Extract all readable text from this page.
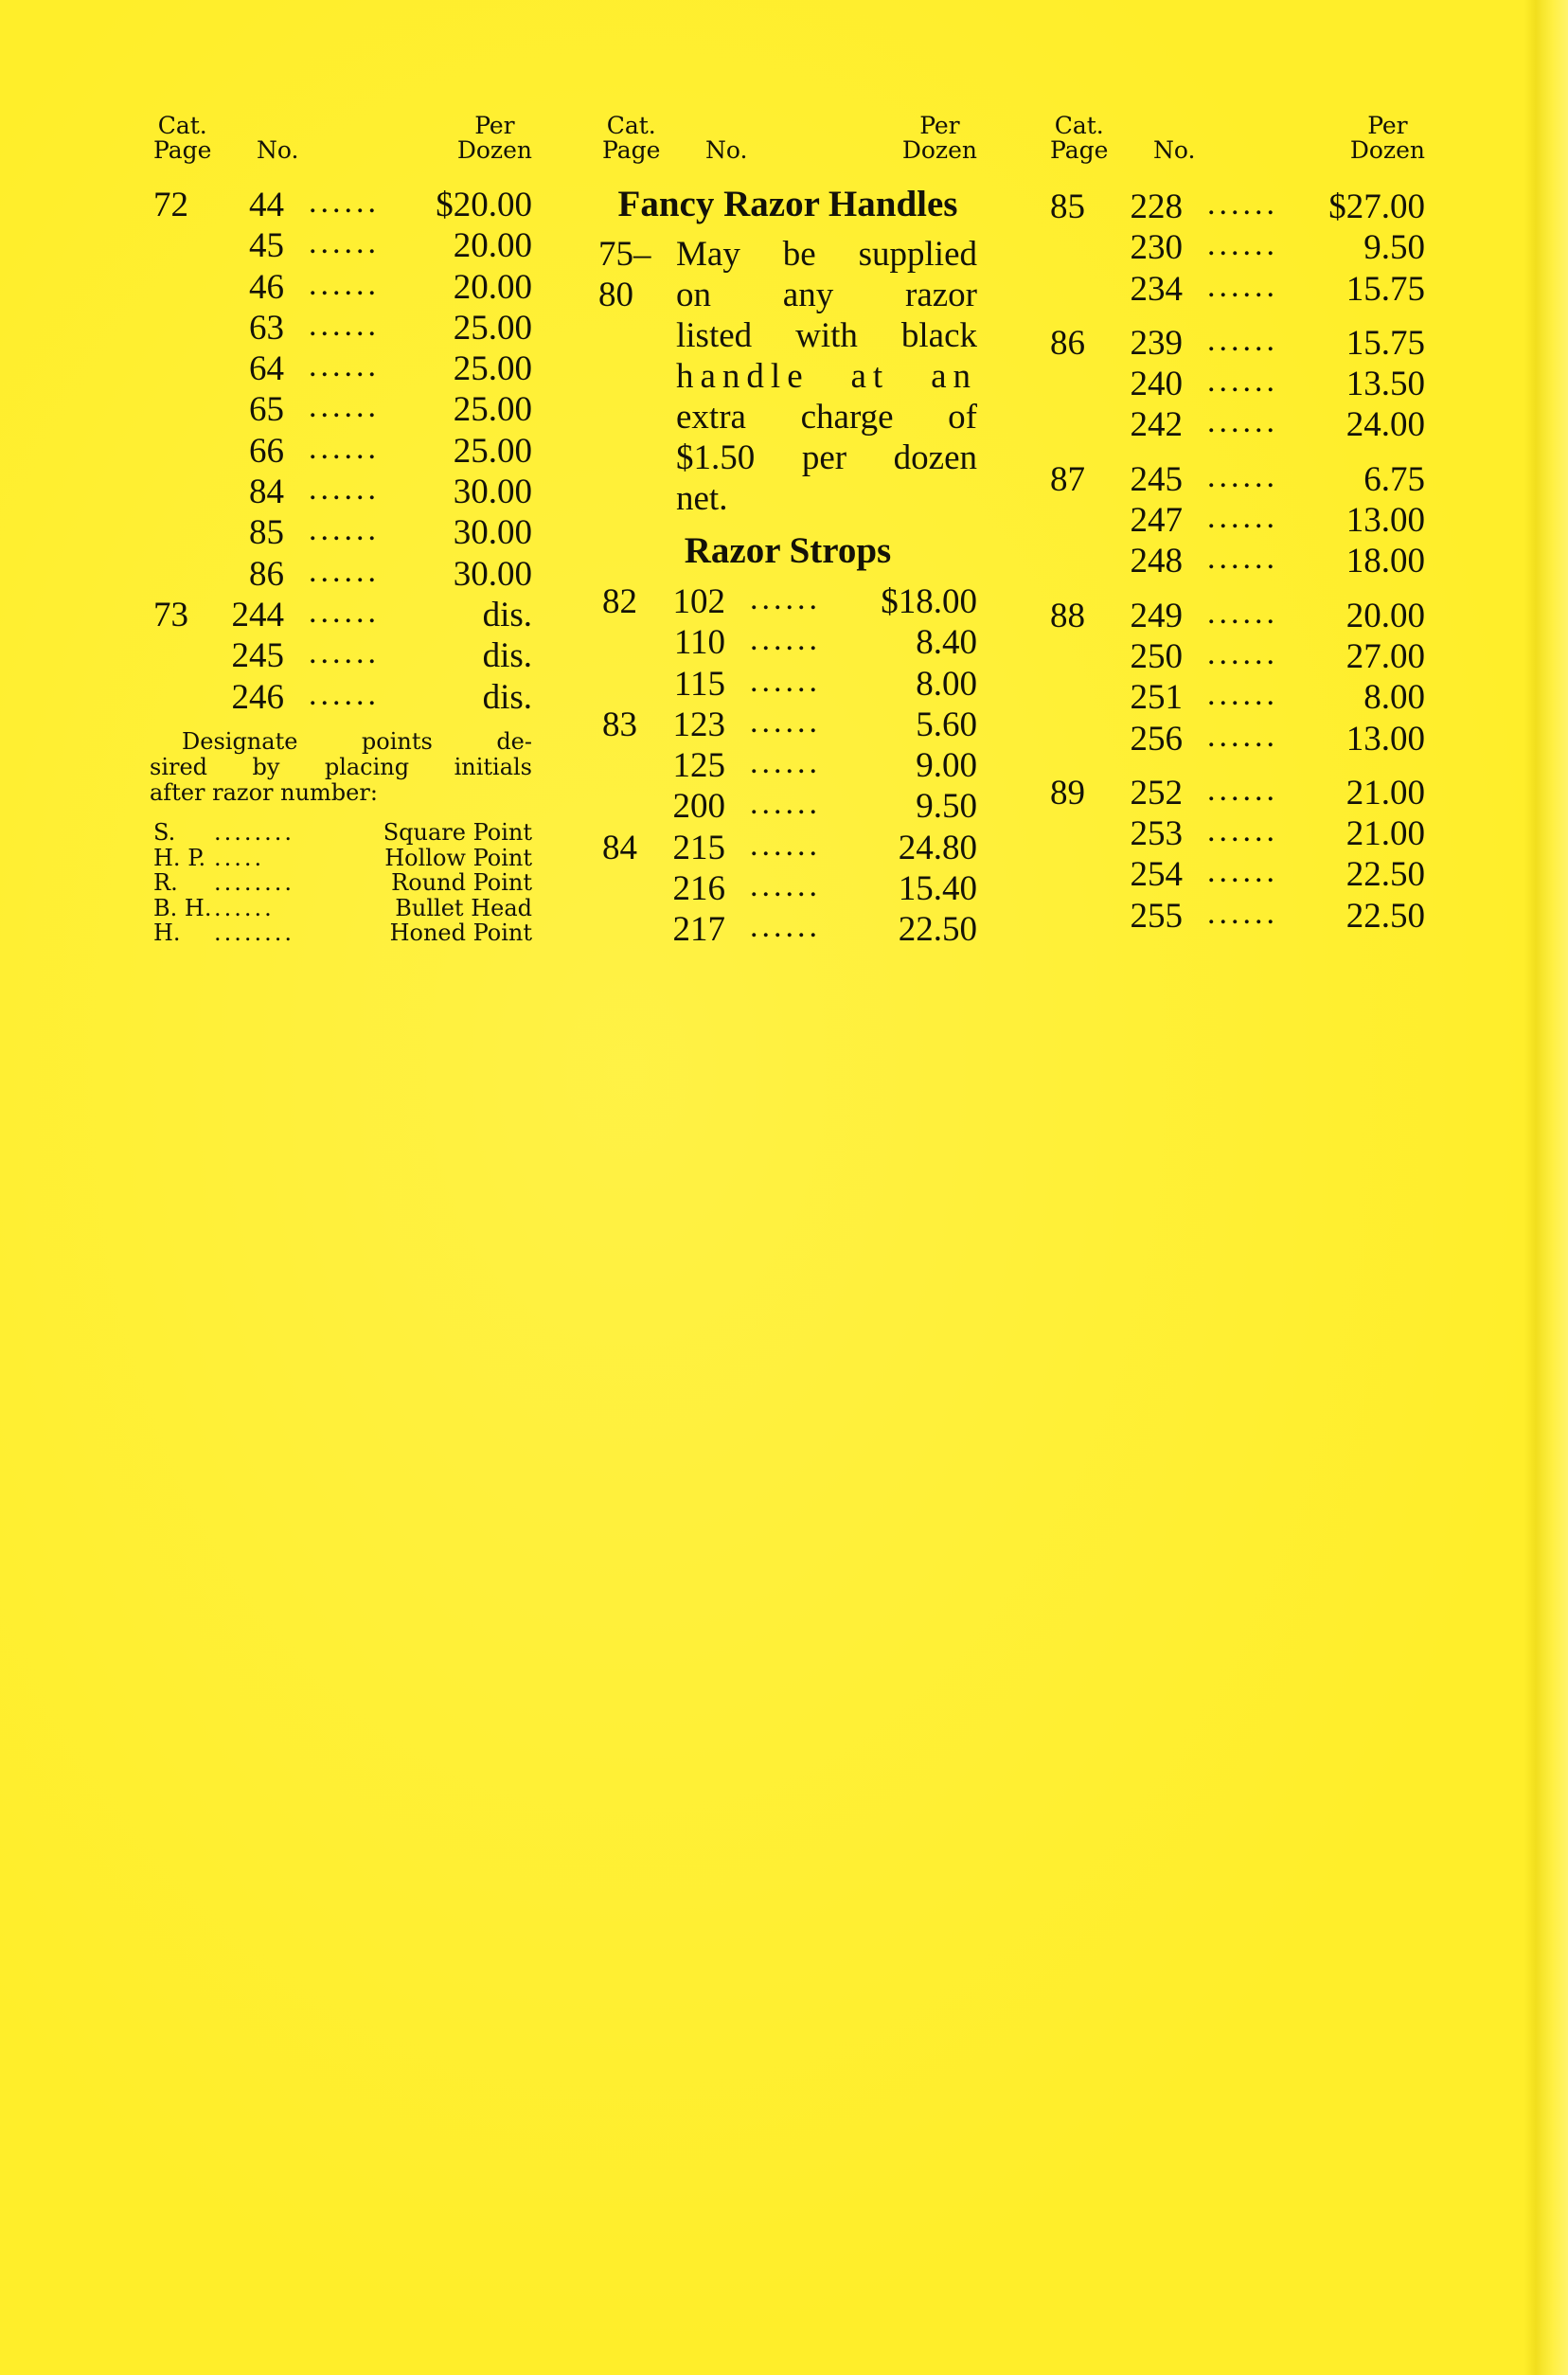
Cat.
Page No.
Per
Dozen
72	44 ...... $20.00
45 ...... 20.00
46 ...... 20.00
63 ...... 25.00
64 ...... 25.00
65 ...... 25.00
66 ...... 25.00
84 ...... 30.00
85 ...... 30.00
86 ...... 30.00
73 244 ......	dis.
245 ......	dis.
246 ......	dis.

Designate points de-

sired by placing initials

after razor number:

S. ........	Square Point
H. P. .....	Hollow Point
R. ........	Round Point
B. H. ......	Bullet Head
H. ........	Honed Point
Cat.
Page No.
Per
Dozen
Fancy Razor Handles
75–
80
May be supplied
on any razor
listed with black
handle at an
extra charge of
$1.50 per dozen
net.
Razor Strops
82 102 ...... $18.00
110 ......	8.40
115 ......	8.00
83 123 ......	5.60
125 ......	9.00
200 ......	9.50
84 215 ...... 24.80
216 ...... 15.40
217 ...... 22.50
Cat.
Page No.
Per
Dozen
85 228 ...... $27.00
230 ...... 9.50
234 ...... 15.75
86 239 ...... 15.75
240 ...... 13.50
242 ...... 24.00
87 245 ...... 6.75
247 ...... 13.00
248 ...... 18.00
88 249 ...... 20.00
250 ...... 27.00
251 ...... 8.00
256 ...... 13.00
89 252 ...... 21.00
253 ...... 21.00
254 ...... 22.50
255 ...... 22.50
